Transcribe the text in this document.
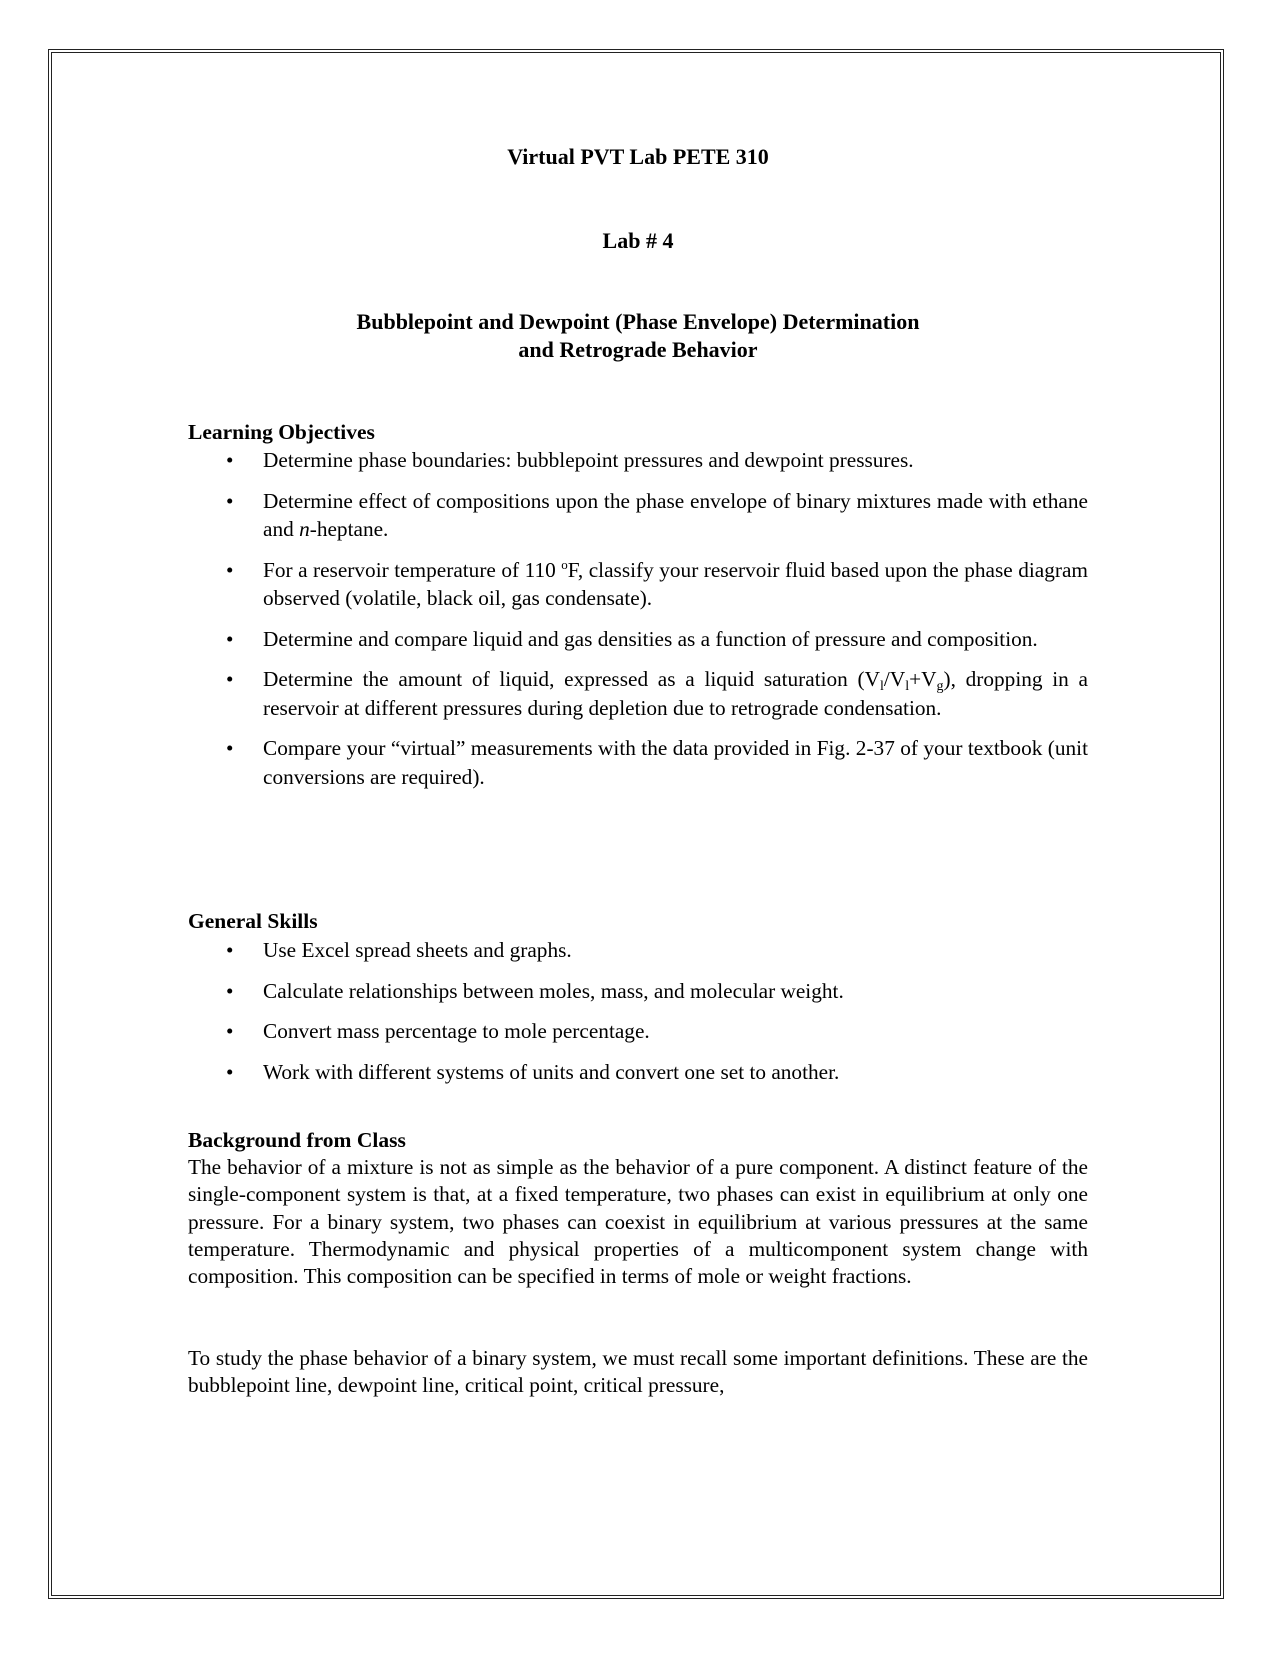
Virtual PVT Lab PETE 310
Lab # 4
Bubblepoint and Dewpoint (Phase Envelope) Determination
and Retrograde Behavior
Learning Objectives
• Determine phase boundaries: bubblepoint pressures and dewpoint pressures.
• Determine effect of compositions upon the phase envelope of binary mixtures made with ethane and n-heptane.
• For a reservoir temperature of 110 $^o$F, classify your reservoir fluid based upon the phase diagram observed (volatile, black oil, gas condensate).
• Determine and compare liquid and gas densities as a function of pressure and composition.
• Determine the amount of liquid, expressed as a liquid saturation $(V_l/V_l+V_g)$, dropping in a reservoir at different pressures during depletion due to retrograde condensation.
• Compare your “virtual” measurements with the data provided in Fig. 2-37 of your textbook (unit conversions are required).
General Skills
• Use Excel spread sheets and graphs.
• Calculate relationships between moles, mass, and molecular weight.
• Convert mass percentage to mole percentage.
• Work with different systems of units and convert one set to another.
Background from Class
The behavior of a mixture is not as simple as the behavior of a pure component. A distinct feature of the single-component system is that, at a fixed temperature, two phases can exist in equilibrium at only one pressure. For a binary system, two phases can coexist in equilibrium at various pressures at the same temperature. Thermodynamic and physical properties of a multicomponent system change with composition. This composition can be specified in terms of mole or weight fractions.
To study the phase behavior of a binary system, we must recall some important definitions. These are the bubblepoint line, dewpoint line, critical point, critical pressure,
